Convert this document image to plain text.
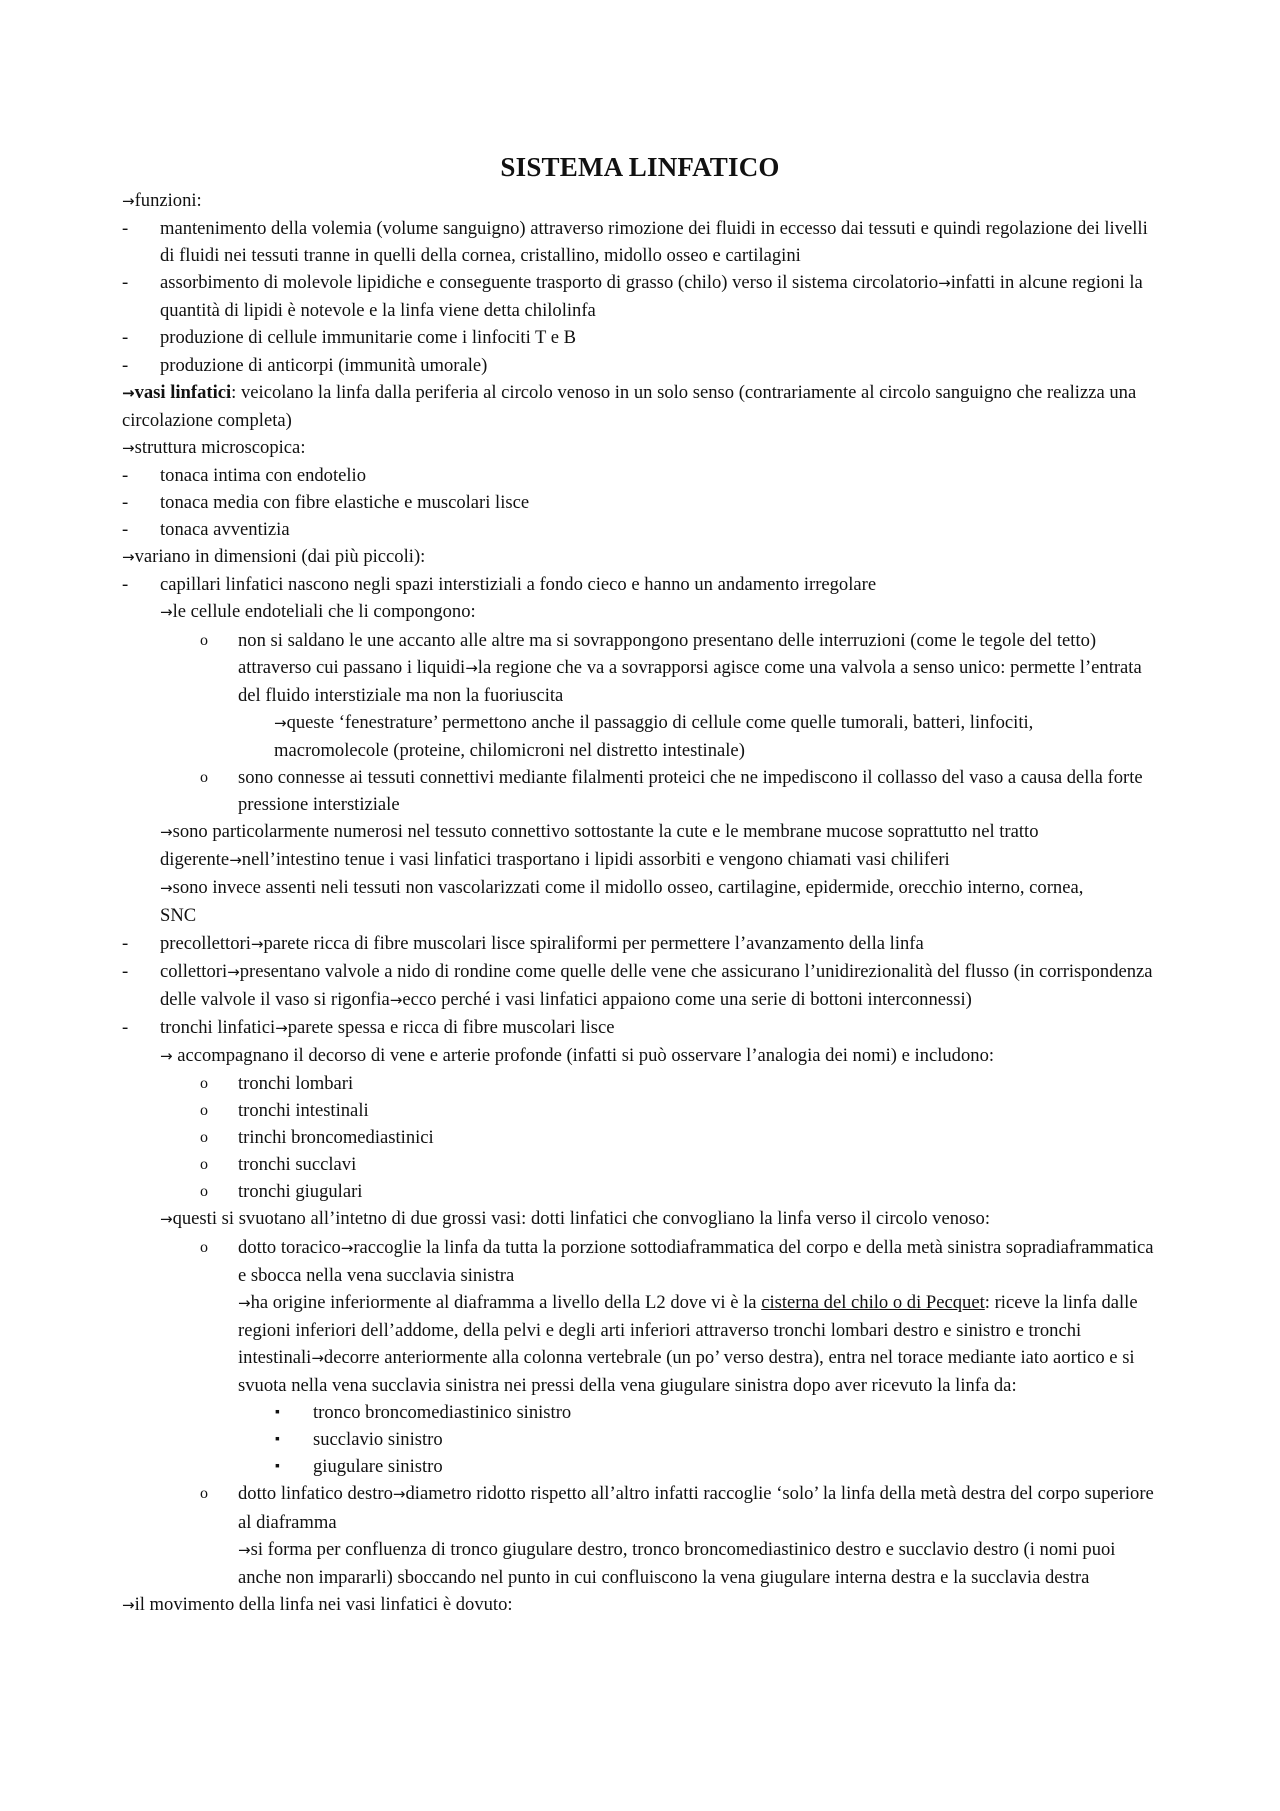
SISTEMA LINFATICO
→funzioni:
- mantenimento della volemia (volume sanguigno) attraverso rimozione dei fluidi in eccesso dai tessuti e quindi regolazione dei livelli di fluidi nei tessuti tranne in quelli della cornea, cristallino, midollo osseo e cartilagini
- assorbimento di molevole lipidiche e conseguente trasporto di grasso (chilo) verso il sistema circolatorio→infatti in alcune regioni la quantità di lipidi è notevole e la linfa viene detta chilolinfa
- produzione di cellule immunitarie come i linfociti T e B
- produzione di anticorpi (immunità umorale)
→vasi linfatici: veicolano la linfa dalla periferia al circolo venoso in un solo senso (contrariamente al circolo sanguigno che realizza una circolazione completa)
→struttura microscopica:
- tonaca intima con endotelio
- tonaca media con fibre elastiche e muscolari lisce
- tonaca avventizia
→variano in dimensioni (dai più piccoli):
- capillari linfatici nascono negli spazi interstiziali a fondo cieco e hanno un andamento irregolare
→le cellule endoteliali che li compongono:
o non si saldano le une accanto alle altre ma si sovrappongono presentano delle interruzioni (come le tegole del tetto) attraverso cui passano i liquidi→la regione che va a sovrapporsi agisce come una valvola a senso unico: permette l’entrata del fluido interstiziale ma non la fuoriuscita
→queste ‘fenestrature’ permettono anche il passaggio di cellule come quelle tumorali, batteri, linfociti, macromolecole (proteine, chilomicroni nel distretto intestinale)
o sono connesse ai tessuti connettivi mediante filalmenti proteici che ne impediscono il collasso del vaso a causa della forte pressione interstiziale
→sono particolarmente numerosi nel tessuto connettivo sottostante la cute e le membrane mucose soprattutto nel tratto digerente→nell’intestino tenue i vasi linfatici trasportano i lipidi assorbiti e vengono chiamati vasi chiliferi
→sono invece assenti neli tessuti non vascolarizzati come il midollo osseo, cartilagine, epidermide, orecchio interno, cornea, SNC
- precollettori→parete ricca di fibre muscolari lisce spiraliformi per permettere l’avanzamento della linfa
- collettori→presentano valvole a nido di rondine come quelle delle vene che assicurano l’unidirezionalità del flusso (in corrispondenza delle valvole il vaso si rigonfia→ecco perché i vasi linfatici appaiono come una serie di bottoni interconnessi)
- tronchi linfatici→parete spessa e ricca di fibre muscolari lisce
→ accompagnano il decorso di vene e arterie profonde (infatti si può osservare l’analogia dei nomi) e includono:
o tronchi lombari
o tronchi intestinali
o trinchi broncomediastinici
o tronchi succlavi
o tronchi giugulari
→questi si svuotano all’intetno di due grossi vasi: dotti linfatici che convogliano la linfa verso il circolo venoso:
o dotto toracico→raccoglie la linfa da tutta la porzione sottodiaframmatica del corpo e della metà sinistra sopradiaframmatica e sbocca nella vena succlavia sinistra
→ha origine inferiormente al diaframma a livello della L2 dove vi è la cisterna del chilo o di Pecquet: riceve la linfa dalle regioni inferiori dell’addome, della pelvi e degli arti inferiori attraverso tronchi lombari destro e sinistro e tronchi intestinali→decorre anteriormente alla colonna vertebrale (un po’ verso destra), entra nel torace mediante iato aortico e si svuota nella vena succlavia sinistra nei pressi della vena giugulare sinistra dopo aver ricevuto la linfa da:
▪ tronco broncomediastinico sinistro
▪ succlavio sinistro
▪ giugulare sinistro
o dotto linfatico destro→diametro ridotto rispetto all’altro infatti raccoglie ‘solo’ la linfa della metà destra del corpo superiore al diaframma
→si forma per confluenza di tronco giugulare destro, tronco broncomediastinico destro e succlavio destro (i nomi puoi anche non impararli) sboccando nel punto in cui confluiscono la vena giugulare interna destra e la succlavia destra
→il movimento della linfa nei vasi linfatici è dovuto:
